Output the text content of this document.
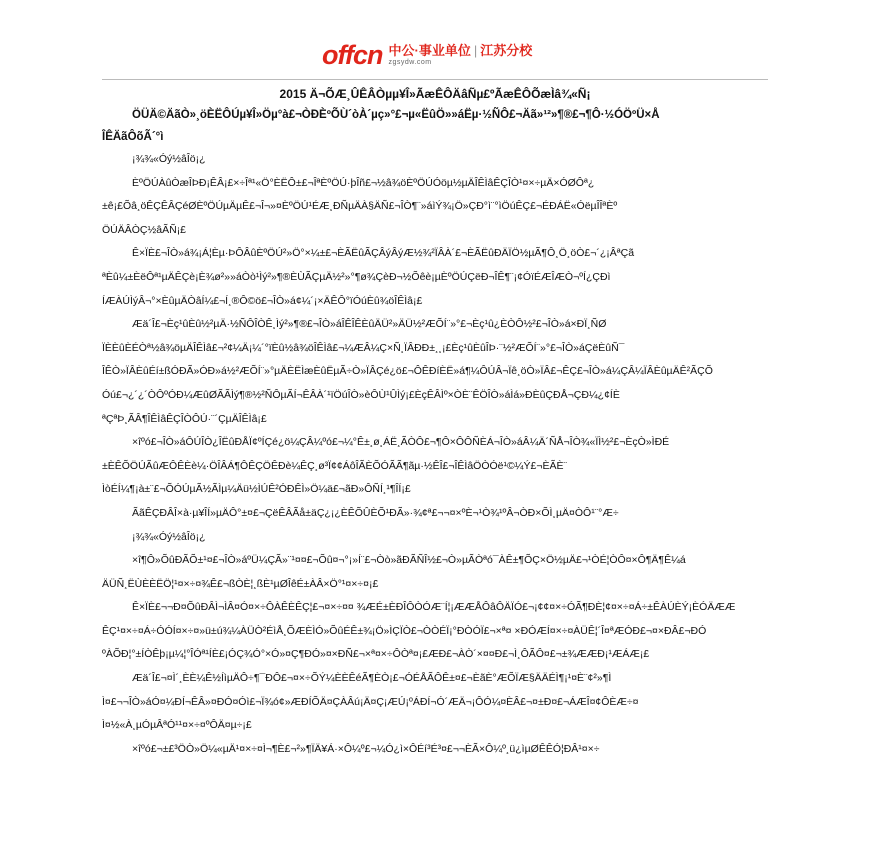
offcn 中公·事业单位 | 江苏分校
zgsydw.com
2015 Ä¬ÕÆ¸ÛÊÂÒµµ¥Î»ÃæÊÔÄâÑµ£ºÃæÊÔÕæÌâ¾«Ñ¡
ÖÜÄ©ÄãÒ»¸öÈËÔÚµ¥Î»Öµ°à£¬ÒÐÈºÕÙ´òÀ´µç»°£¬µ«ËûÖ»»áËµ·½ÑÔ£¬Äã»¹²»¶®£¬¶Ô·½ÓÖºÜ×Å
ÎÊÄãÔõÃ´°ì
¡¾¾«Óý½âÎö¡¿
ÈºÖÚÀûÒæÎÞÐ¡ÊÂ¡£×÷Îª¹«Ö°ÈËÔ±£¬ÎªÈºÖÚ·þÎñ£¬½â¾öÈºÖÚÓöµ½µÄÎÊÌâÊÇÎÒ¹¤×÷µÄ×ÓØÔª¿
±ê¡£Õâ¸öÊÇÊÂÇéØÈºÖÚµÄµÊ£¬Î¬»¤ÈºÖÚ¹ÉÆ¸ÐÑµÄÀ§ÄÑ£¬ÎÒ¶¨»áìÝ¾¡Ö»ÇÐ°ì¨°ìÖúÊÇ£¬ÉÐÁË«ÓëµÎÎªÈº
ÖÚÄÂÒÇ½âÃÑ¡£
Ê×ÏÈ£¬ÎÒ»á¾¡Á¦Èµ·ÞÔÂûÈºÖÚ²»Ö°×¼±£¬ÈÃËûÃÇÂýÂýÆ½¾²ÏÂÀ´£¬ÈÃËûÐÄÏÖ½µÃ¶Ô¸Ö¸öÒ£¬´¿¡ÂªÇã
ªÈû¼±ÈëÔª¹µÄÊÇè¡È¾ø²»»áÒò¹Ìý²»¶®ÈÙÃÇµÄ½²»°¶ø¾ÇèÐ¬½Õêè¡µÈºÖÚÇëÐ¬ÎÊ¶¨¡¢ÓïÉÆÎÆÒ¬ºÍ¿ÇÐì
ÍÆÀÚÌýÂ¬°×ÈûµÄÒâÍ¼£¬Í¸®Ô©ö£¬ÎÒ»á¢¼´¡×ÄÊÔ°ïÓúÈû¾öÎÊÌâ¡£
Æä´Î£¬Èç¹ûÈû½²µÄ·½ÑÔÎÒÊ¸Ìý²»¶®£¬ÎÒ»áÎÊÎÊÈûÄÜ²»ÄÜ½²ÆÕÍ¨»°£¬Èç¹û¿ÈÒÔ½²£¬ÎÒ»á×ÐÏ¸ÑØ
ÏÈÈûÈÉÒª½â¾öµÄÎÊÌâ£¬²¢¼Ä¡¼´°ïÈû½â¾öÎÊÌâ£¬¼ÆÂ¼Ç×Ñ¸ÏÂÐÐ±¸¸¡£Èç¹ûÈûÎÞ·¨½²ÆÕÍ¨»°£¬ÎÒ»áÇëÈûÑ¯
ÎÊÒ»ÏÂÈûÉí±ßÓÐÃ»ÓÐ»á½²ÆÕÍ¨»°µÄÈËÌæÈûËµÃ÷Ò»ÏÂÇé¿ö£¬ÔÊÐíÈË»á¶¼ÔÚÂ¬Ïê¸öÒ»ÏÂ£¬ÊÇ£¬ÎÒ»á¼ÇÂ¼ÏÂÈûµÄÊ²ÃÇÕ
Óú£¬¿´¿´ÒÔºÓÐ¼ÆûØÃÃÌý¶®½²ÑÔµÃÍ¬ÊÂÀ´¹ïÖúÎÒ»èÔÙ¹ÛÌý¡£ÈçÊÂÌº×ÒÈ¨ÊÖÎÒ»áÌá»ÐÈûÇÐÅ¬ÇÐ¼¿¢ÍÈ
ªÇªÞ¸ÃÂ¶ÎÊÌâÊÇÎÒÔÚ·¨´ÇµÄÎÊÌâ¡£
×îºó£¬ÎÒ»áÔÚÎÒ¿ÎËûÐÅÏ¢ºÍÇé¿ö¼ÇÂ¼ºó£¬¼°Ê±¸ø¸ÁË¸ÃÒÔ£¬¶Ô×ÔÔÑÈÁ¬ÎÒ»áÂ¼Ä´ÑÅ¬ÎÒ¾«ÏÌ½²£¬ÈçÒ»ÌÐÉ
±ÈÊÕÖÚÃûÆÔÊÈè¼·ÖÎÂÁ¶ÔÊÇÖÊÐè¼ÊÇ¸ø³Ï¢¢ÁôÎÃÈÕÓÃÃ¶ãµ·½ÊÎ£¬ÎÊÌâÖÒÓë¹©¼Ý£¬ÈÃÈ¨
ÌòÉÍ¼¶¡à±¨£¬ÕÓÚµÃ½ÃÌµ¼Äü½ÌÚÊ²ÓÐÊÌ»Ö¼ä£¬ãÐ»ÔÑÍ¸¹¶ÎÍ¡£
ÃãÊÇÐÂÎ×à·µ¥ÎÍ»µÄÔ°±¤£¬ÇëÊÂÃå±äÇ¿¡¿ÈÊÕÛÈÕ¹ÐÃ»·¾¢ª£¬¬¤×ºÈ¬¹Ò¾¹ºÂ¬ÒÐ×ÕÌ¸µÄ¤ÒÔ¹¨°Æ÷
¡¾¾«Óý½âÎö¡¿
×î¶Ô»ÕûÐÃÕ±¹¤£¬ÎÒ»áºÜ¼ÇÃ»¨¹¤¤£¬Õû¤¬°¡»Í¨£¬Òò»ãÐÃÑÎ½£¬Ò»µÃÒªó¯ÀÊ±¶ÕÇ×Ö½µÄ£¬¹ÒÉ¦ÒÔ¤×Ô¶Ä¶Ê¼á
ÄÜÑ¸ËÙÈÈËÖ¦¹¤×÷¤¾Ê£¬ßÒÈ¦¸ßÈ¹µØÎêÉ±ÀÂ×Ö°¹¤×÷¤¡£
Ê×ÏÈ£¬¬Ð¤ÕûÐÂÌ¬ÌÂ¤Ó¤×÷ÔÀÊÈÊÇ¦£¬¤×÷¤¤ ¾ÆÉ±ÈÐÎÔÒÓÆ¨Í¦¡ÆÆÅÔâÔÄÏÓ£¬¡¢¢¤×÷ÓÃ¶ÐÈ¦¢¤×÷¤Á÷±ÊÀÚÈÝ¡ÈÓÄÆÆ
ÊÇ¹¤×÷¤Á÷ÓÓÍ¤×÷¤»ü±ú¾¼ÀÜÒ²ÉìÅ¸ÕÆÈÌÓ»ÕûÉÊ±¾¡Ö»ÌÇÏÒ£¬ÒÒÉÏ¡°ÐÒÓÏ£¬×ª¤ ×ÐÓÆÍ¤×÷¤ÀÜÊ¦´Î¤ªÆÓÐ£¬¤×ÐÂ£¬ÐÓ
ºÀÕÐ¦°±ÍÒÊþ¡µ¼¦°ÎÓª¹ÍÈ£¡ÓÇ¾Ó°×Ó»¤Ç¶ÐÓ»¤×ÐÑ£¬×ª¤×÷ÔÒª¤¡£ÆÐ£¬ÀÒ´×¤¤Ð£¬Ì¸ÔÃÔ¤£¬±¾ÆÆÐ¡¹ÆÁÆ¡£
Æä´Î£¬¤Ì´¸ÈÈ¼Ê½ÍìµÄÔ÷¶¯ÐÔ£¬¤×÷ÕÝ¼ÈÈÊéÃ¶ÈÒ¡£¬ÓÉÅÃÔÊ±¤£¬ÈãÈ°ÆÕÏÆ§ÄÄÉÌ¶¡¹¤È¨¢²»¶Ì
Ì¤£¬¬ÎÒ»áÓ¤¼ÐÍ¬ÊÂ»¤ÐÓ¤Óì£¬Ï¾ó¢»ÆÐÍÕÄ¤ÇÀÂú¡Ä¤Ç¡ÆÚ¡ºÁÐÍ¬Ó´ÆÄ¬¡ÔÓ¼¤ÈÂ£¬¤±Ð¤£¬ÁÆÎ¤¢ÔÈÆ÷¤
Ì¤½«À¸µÓµÂªÓ¹¹¤×÷¤ºÔÄ¤µ÷¡£
×îºó£¬±£³ÖÒ»Ö¼«µÄ¹¤×÷¤Ì¬¶È£¬²»¶ÏÄ¥Á·×Ô¼º£¬¼Ó¿ì×ÔÉí³É³¤£¬¬ÈÃ×Ô¼º¸ü¿ìµØÊÊÓ¦ÐÂ¹¤×÷
